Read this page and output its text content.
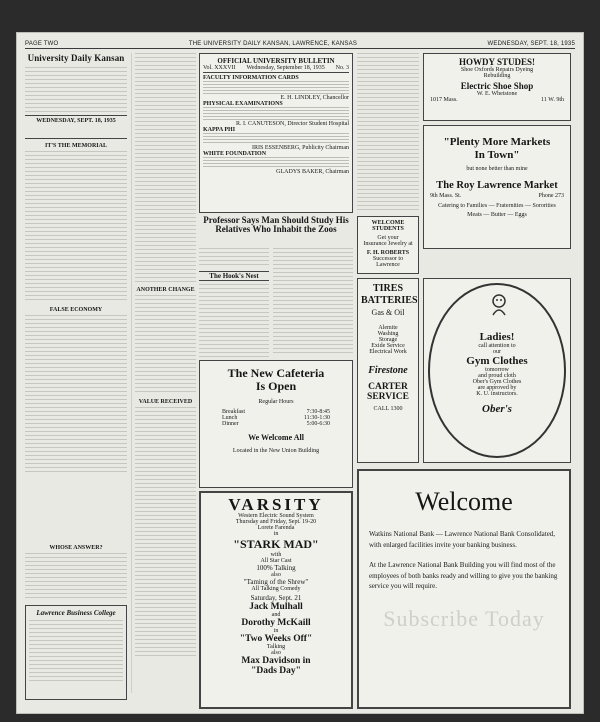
PAGE TWO	THE UNIVERSITY DAILY KANSAN, LAWRENCE, KANSAS	WEDNESDAY, SEPT. 18, 1935
University Daily Kansan
WEDNESDAY, SEPT. 18, 1935
IT'S THE MEMORIAL
FALSE ECONOMY
WHOSE ANSWER?
Lawrence Business College
ANOTHER CHANGE
VALUE RECEIVED
OFFICIAL UNIVERSITY BULLETIN
Vol. XXXVII Wednesday, September 18, 1935 No. 3
FACULTY INFORMATION CARDS
E. H. LINDLEY, Chancellor
PHYSICAL EXAMINATIONS
R. I. CANUTESON, Director Student Hospital
KAPPA PHI
IRIS ESSENBERG, Publicity Chairman
WHITE FOUNDATION
GLADYS BAKER, Chairman
Professor Says Man Should Study His Relatives Who Inhabit the Zoos
The Hook's Nest
The New Cafeteria Is Open
Regular Hours
Breakfast	7:30-8:45
Lunch	11:30-1:30
Dinner	5:00-6:30
We Welcome All
Located in the New Union Building
VARSITY
Western Electric Sound System
Thursday and Friday, Sept. 19-20
Lorete Farenda
in
"STARK MAD"
with
All Star Cast
100% Talking
also
"Taming of the Shrew"
All Talking Comedy
Saturday, Sept. 21
Jack Mulhall
and
Dorothy McKaill
in
"Two Weeks Off"
Talking
also
Max Davidson in
"Dads Day"
HOWDY STUDES!
Shoe Oxfords Repairs Dyeing
Rebuilding
Electric Shoe Shop
W. E. Whetstone
1017 Mass.	11 W. 9th
"Plenty More Markets In Town"
but none better than mine
The Roy Lawrence Market
9th Mass. St.	Phone 273
Catering to Families — Fraternities — Sororities
Meats — Butter — Eggs
WELCOME STUDENTS
Get your
Insurance Jewelry at
F. H. ROBERTS
Successor to Lawrence
TIRES BATTERIES
Gas & Oil
Alemite
Washing
Storage
Exide Service
Electrical Work
Firestone
CARTER SERVICE
CALL 1300
Ladies!
call attention to
our
Gym Clothes
tomorrow
and proud cloth
Ober's Gym Clothes
are approved by
K. U. instructors.
Ober's
Welcome
Watkins National Bank — Lawrence National Bank Consolidated, with enlarged facilities invite your banking business.
At the Lawrence National Bank Building you will find most of the employees of both banks ready and willing to give you the banking service you will require.
Subscribe Today
